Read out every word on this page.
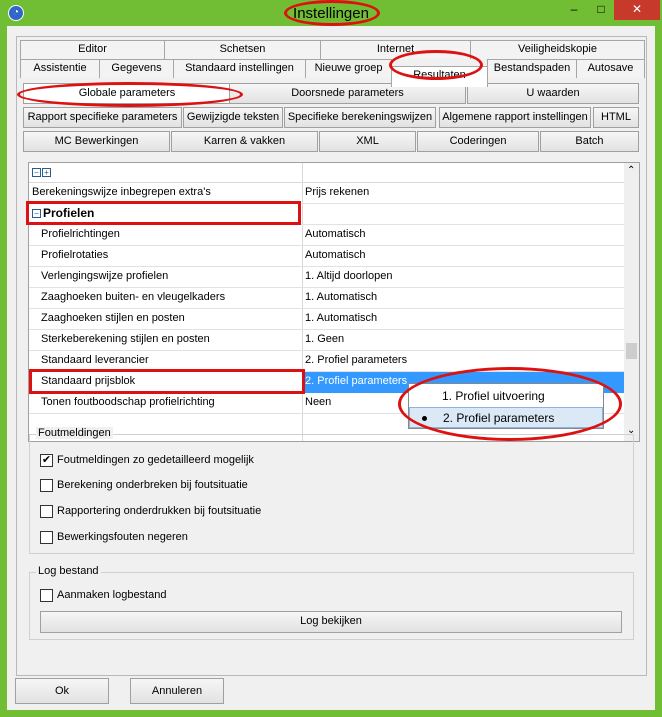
◔	Instellingen	–	□	✕
Editor	Schetsen	Internet	Veiligheidskopie
Assistentie	Gegevens	Standaard instellingen	Nieuwe groep
Resultaten
Bestandspaden	Autosave
Globale parameters	Doorsnede parameters	U waarden
Rapport specifieke parameters Gewijzigde teksten Specifieke berekeningswijzen Algemene rapport instellingen	HTML
MC Bewerkingen	Karren & vakken	XML	Coderingen	Batch
− +
Berekeningswijze inbegrepen extra's	Prijs rekenen
− Profielen
Profielrichtingen	Automatisch
Profielrotaties	Automatisch
Verlengingswijze profielen	1. Altijd doorlopen
Zaaghoeken buiten- en vleugelkaders	1. Automatisch
Zaaghoeken stijlen en posten	1. Automatisch
Sterkeberekening stijlen en posten	1. Geen
Standaard leverancier	2. Profiel parameters
Standaard prijsblok	2. Profiel parameters
Tonen foutboodschap profielrichting	Neen
⌃
⌄
1. Profiel uitvoering
2. Profiel parameters
Foutmeldingen
✔ Foutmeldingen zo gedetailleerd mogelijk
Berekening onderbreken bij foutsituatie
Rapportering onderdrukken bij foutsituatie
Bewerkingsfouten negeren
Log bestand
Aanmaken logbestand
Log bekijken
Ok	Annuleren
